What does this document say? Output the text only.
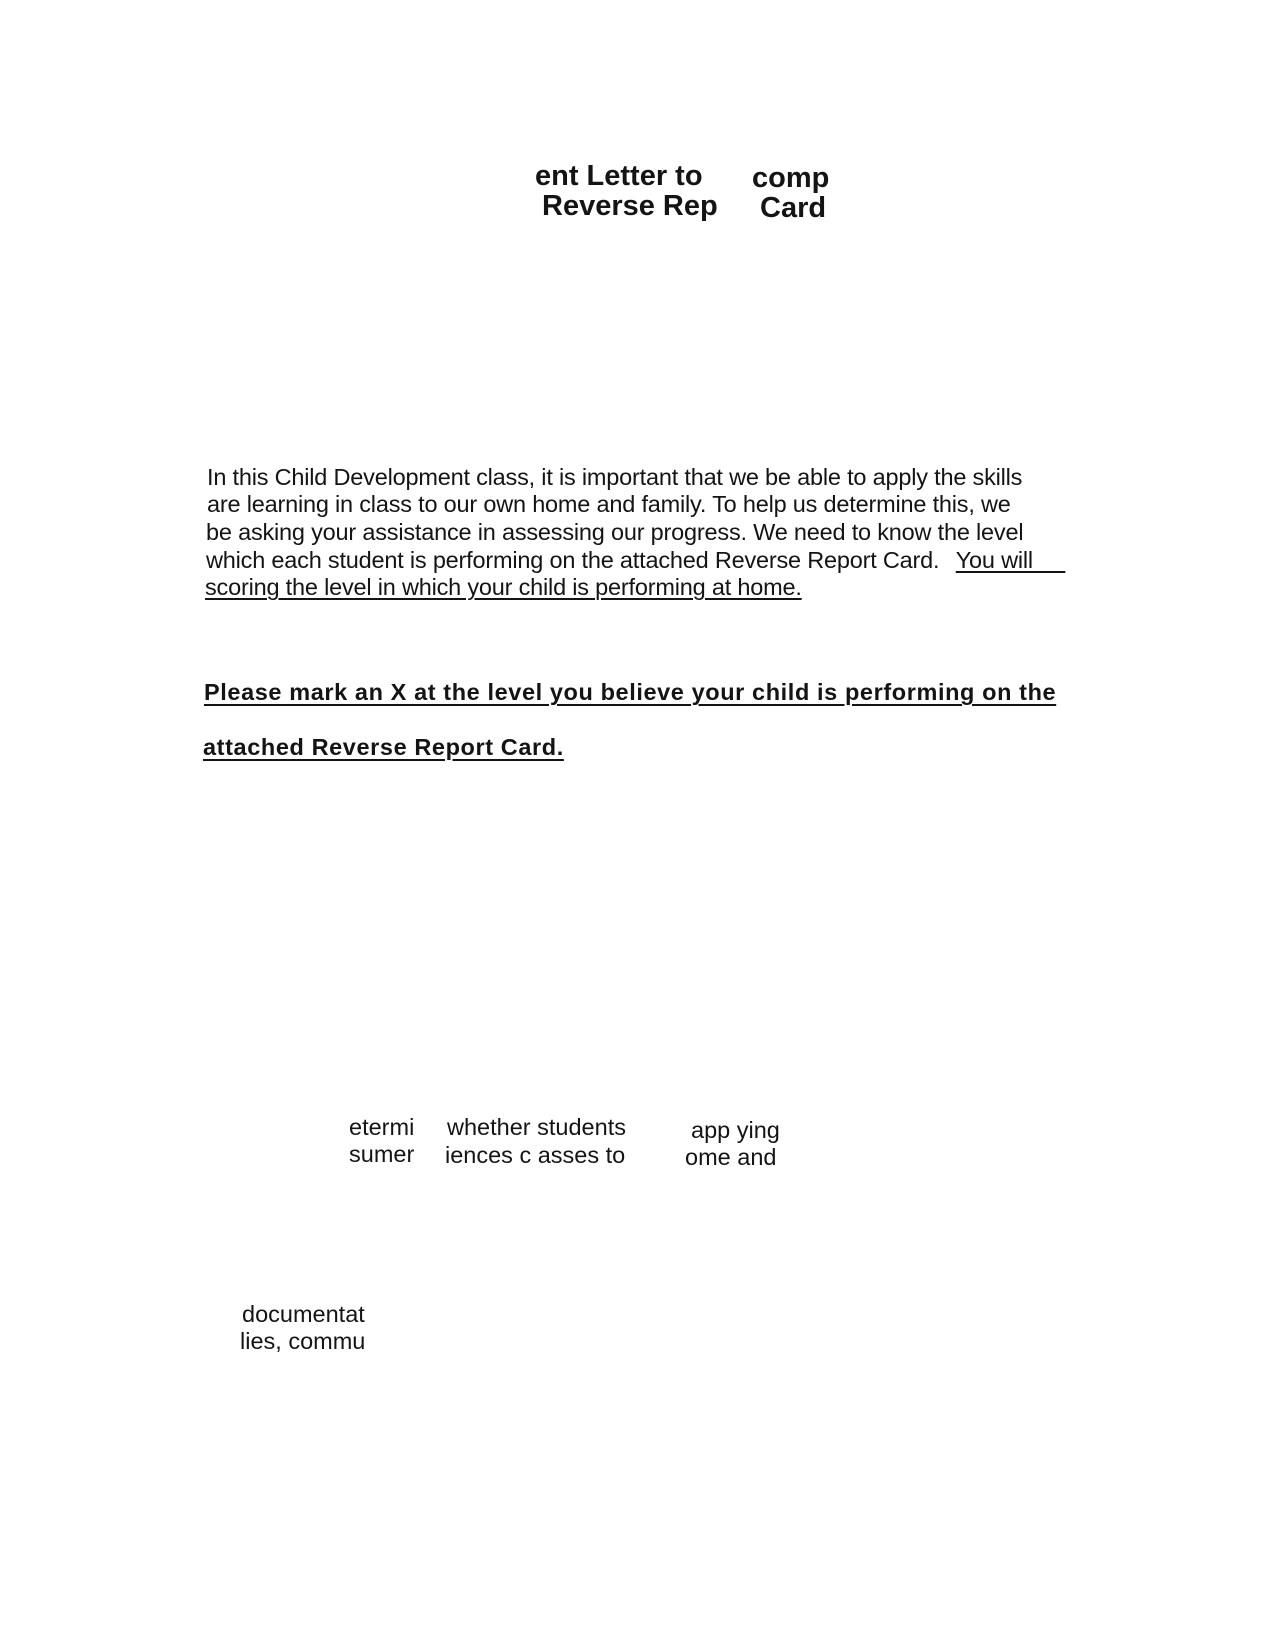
ent Letter to comp
Reverse Rep Card
In this Child Development class, it is important that we be able to apply the skills
are learning in class to our own home and family. To help us determine this, we
be asking your assistance in assessing our progress. We need to know the level
which each student is performing on the attached Reverse Report Card. You will __
scoring the level in which your child is performing at home.
Please mark an X at the level you believe your child is performing on the
attached Reverse Report Card.
etermi
sumer
whether students
iences c asses to
app ying
ome and
documentat
lies, commu
